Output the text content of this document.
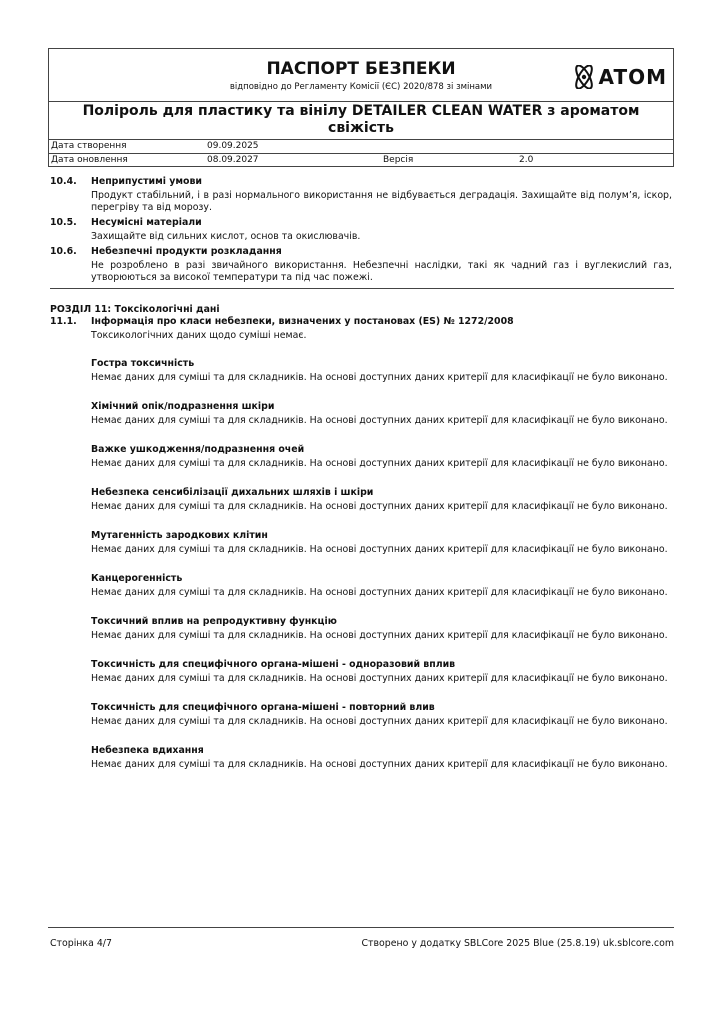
ПАСПОРТ БЕЗПЕКИ
відповідно до Регламенту Комісії (ЄС) 2020/878 зі змінами	ATOM
Поліроль для пластику та вінілу DETAILER CLEAN WATER з ароматом свіжість
Дата створення	09.09.2025
Дата оновлення	08.09.2027	Версія	2.0
10.4. Неприпустимі умови
Продукт стабільний, і в разі нормального використання не відбувається деградація. Захищайте від полум’я, іскор, перегріву та від морозу.
10.5. Несумісні матеріали
Захищайте від сильних кислот, основ та окислювачів.
10.6. Небезпечні продукти розкладання
Не розроблено в разі звичайного використання. Небезпечні наслідки, такі як чадний газ і вуглекислий газ, утворюються за високої температури та під час пожежі.
РОЗДІЛ 11: Токсікологічні дані
11.1. Інформація про класи небезпеки, визначених у постановах (ES) № 1272/2008
Токсикологічних даних щодо суміші немає.
Гостра токсичність
Немає даних для суміші та для складників. На основі доступних даних критерії для класифікації не було виконано.
Хімічний опік/подразнення шкіри
Немає даних для суміші та для складників. На основі доступних даних критерії для класифікації не було виконано.
Важке ушкодження/подразнення очей
Немає даних для суміші та для складників. На основі доступних даних критерії для класифікації не було виконано.
Небезпека сенсибілізації дихальних шляхів і шкіри
Немає даних для суміші та для складників. На основі доступних даних критерії для класифікації не було виконано.
Мутагенність зародкових клітин
Немає даних для суміші та для складників. На основі доступних даних критерії для класифікації не було виконано.
Канцерогенність
Немає даних для суміші та для складників. На основі доступних даних критерії для класифікації не було виконано.
Токсичний вплив на репродуктивну функцію
Немає даних для суміші та для складників. На основі доступних даних критерії для класифікації не було виконано.
Токсичність для специфічного органа-мішені - одноразовий вплив
Немає даних для суміші та для складників. На основі доступних даних критерії для класифікації не було виконано.
Токсичність для специфічного органа-мішені - повторний влив
Немає даних для суміші та для складників. На основі доступних даних критерії для класифікації не було виконано.
Небезпека вдихання
Немає даних для суміші та для складників. На основі доступних даних критерії для класифікації не було виконано.
Сторінка 4/7	Створено у додатку SBLCore 2025 Blue (25.8.19) uk.sblcore.com
